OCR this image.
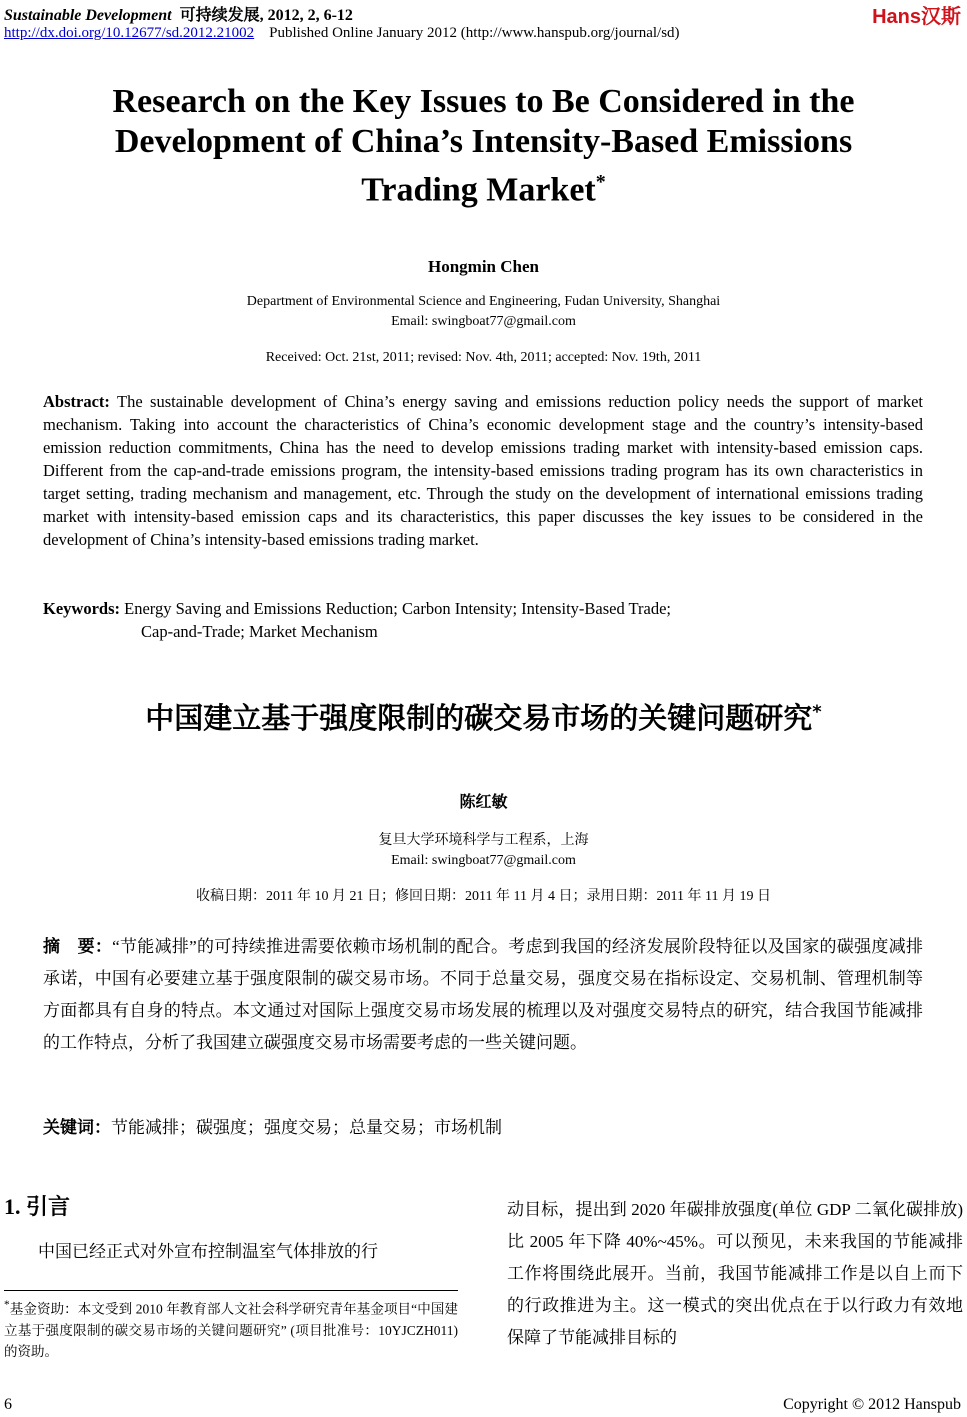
Sustainable Development 可持续发展, 2012, 2, 6-12
http://dx.doi.org/10.12677/sd.2012.21002 Published Online January 2012 (http://www.hanspub.org/journal/sd)
Hans汉斯
Research on the Key Issues to Be Considered in the
Development of China’s Intensity-Based Emissions
Trading Market*
Hongmin Chen
Department of Environmental Science and Engineering, Fudan University, Shanghai
Email: swingboat77@gmail.com
Received: Oct. 21st, 2011; revised: Nov. 4th, 2011; accepted: Nov. 19th, 2011
Abstract: The sustainable development of China’s energy saving and emissions reduction policy needs the support of market mechanism. Taking into account the characteristics of China’s economic development stage and the country’s intensity-based emission reduction commitments, China has the need to develop emissions trading market with intensity-based emission caps. Different from the cap-and-trade emissions program, the intensity-based emissions trading program has its own characteristics in target setting, trading mechanism and management, etc. Through the study on the development of international emissions trading market with intensity-based emission caps and its characteristics, this paper discusses the key issues to be considered in the development of China’s intensity-based emissions trading market.
Keywords: Energy Saving and Emissions Reduction; Carbon Intensity; Intensity-Based Trade;
Cap-and-Trade; Market Mechanism
中国建立基于强度限制的碳交易市场的关键问题研究*
陈红敏
复旦大学环境科学与工程系，上海
Email: swingboat77@gmail.com
收稿日期：2011 年 10 月 21 日；修回日期：2011 年 11 月 4 日；录用日期：2011 年 11 月 19 日
摘　要：“节能减排”的可持续推进需要依赖市场机制的配合。考虑到我国的经济发展阶段特征以及国家的碳强度减排承诺，中国有必要建立基于强度限制的碳交易市场。不同于总量交易，强度交易在指标设定、交易机制、管理机制等方面都具有自身的特点。本文通过对国际上强度交易市场发展的梳理以及对强度交易特点的研究，结合我国节能减排的工作特点，分析了我国建立碳强度交易市场需要考虑的一些关键问题。
关键词：节能减排；碳强度；强度交易；总量交易；市场机制
1. 引言
中国已经正式对外宣布控制温室气体排放的行
*基金资助：本文受到 2010 年教育部人文社会科学研究青年基金项目“中国建立基于强度限制的碳交易市场的关键问题研究” (项目批准号：10YJCZH011)的资助。
动目标，提出到 2020 年碳排放强度(单位 GDP 二氧化碳排放)比 2005 年下降 40%~45%。可以预见，未来我国的节能减排工作将围绕此展开。当前，我国节能减排工作是以自上而下的行政推进为主。这一模式的突出优点在于以行政力有效地保障了节能减排目标的
6	Copyright © 2012 Hanspub
